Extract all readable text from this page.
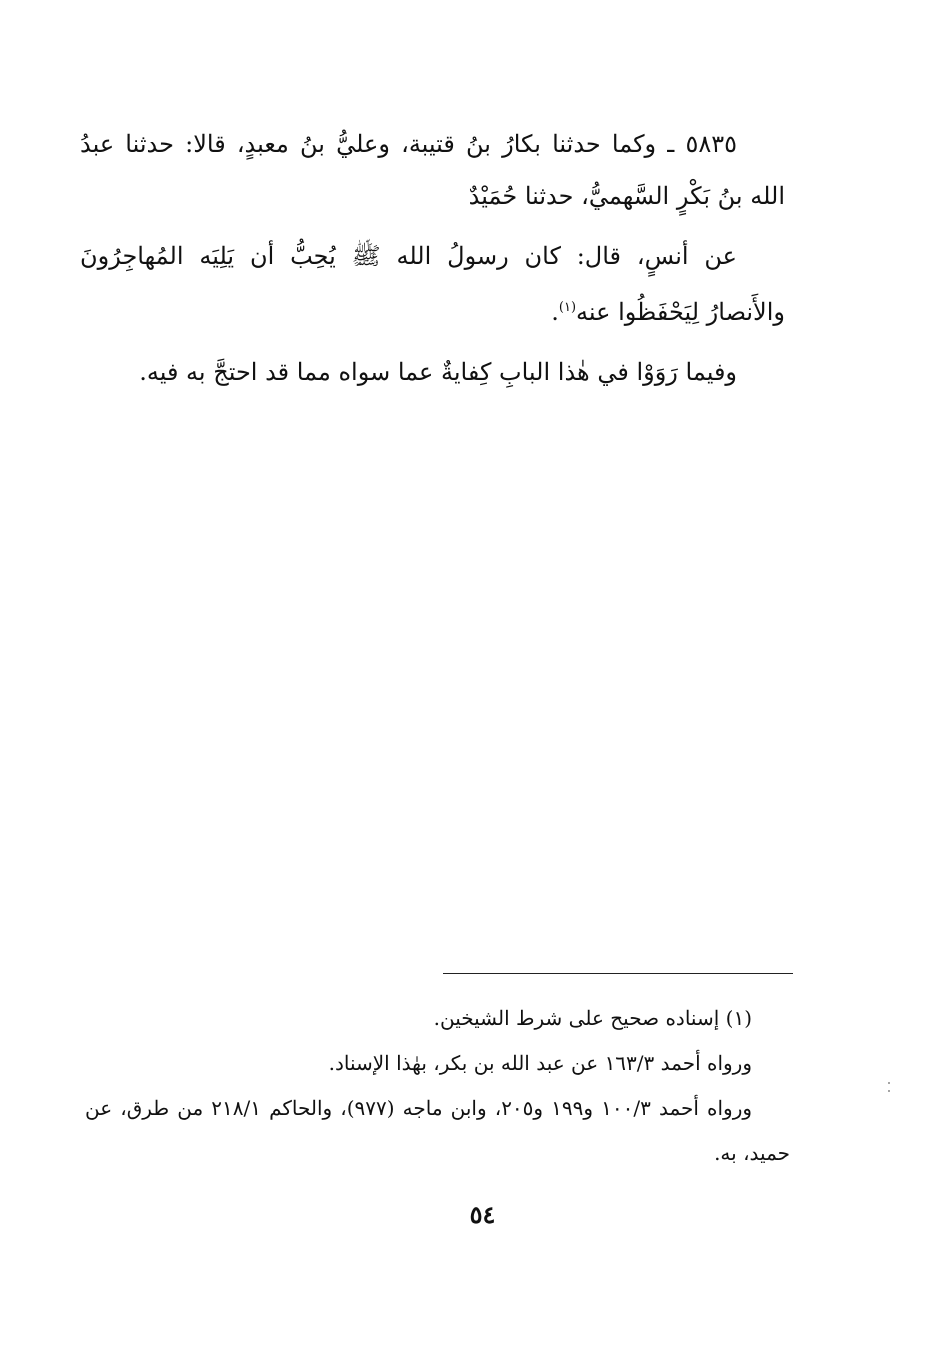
٥٨٣٥ ـ وكما حدثنا بكارُ بنُ قتيبة، وعليُّ بنُ معبدٍ، قالا: حدثنا عبدُ الله بنُ بَكْرٍ السَّهميُّ، حدثنا حُمَيْدٌ

عن أنسٍ، قال: كان رسولُ الله ﷺ يُحِبُّ أن يَلِيَه المُهاجِرُونَ والأَنصارُ لِيَحْفَظُوا عنه$^{(١)}$.

وفيما رَوَوْا في هٰذا البابِ كِفايةٌ عما سواه مما قد احتجَّ به فيه.

(١) إسناده صحيح على شرط الشيخين.

ورواه أحمد ١٦٣/٣ عن عبد الله بن بكر، بهٰذا الإسناد.

ورواه أحمد ١٠٠/٣ و١٩٩ و٢٠٥، وابن ماجه (٩٧٧)، والحاكم ٢١٨/١ من طرق، عن حميد، به.

٥٤
